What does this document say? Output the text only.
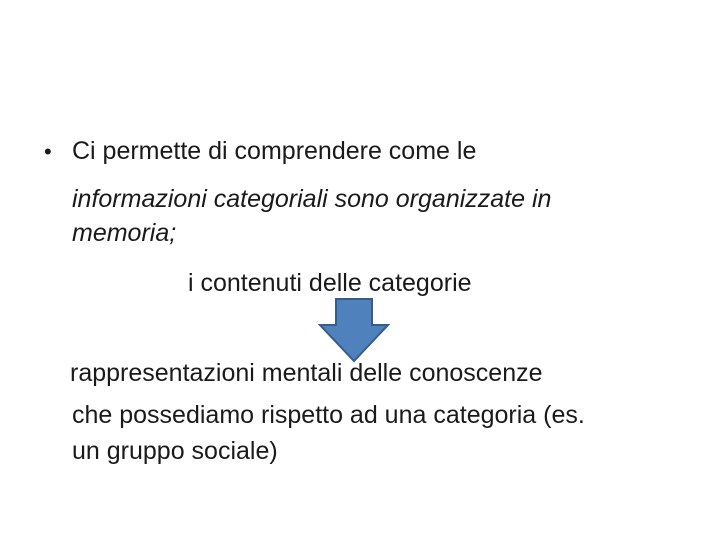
• Ci permette di comprendere come le
informazioni categoriali sono organizzate in
memoria;
i contenuti delle categorie
rappresentazioni mentali delle conoscenze
che possediamo rispetto ad una categoria (es.
un gruppo sociale)
